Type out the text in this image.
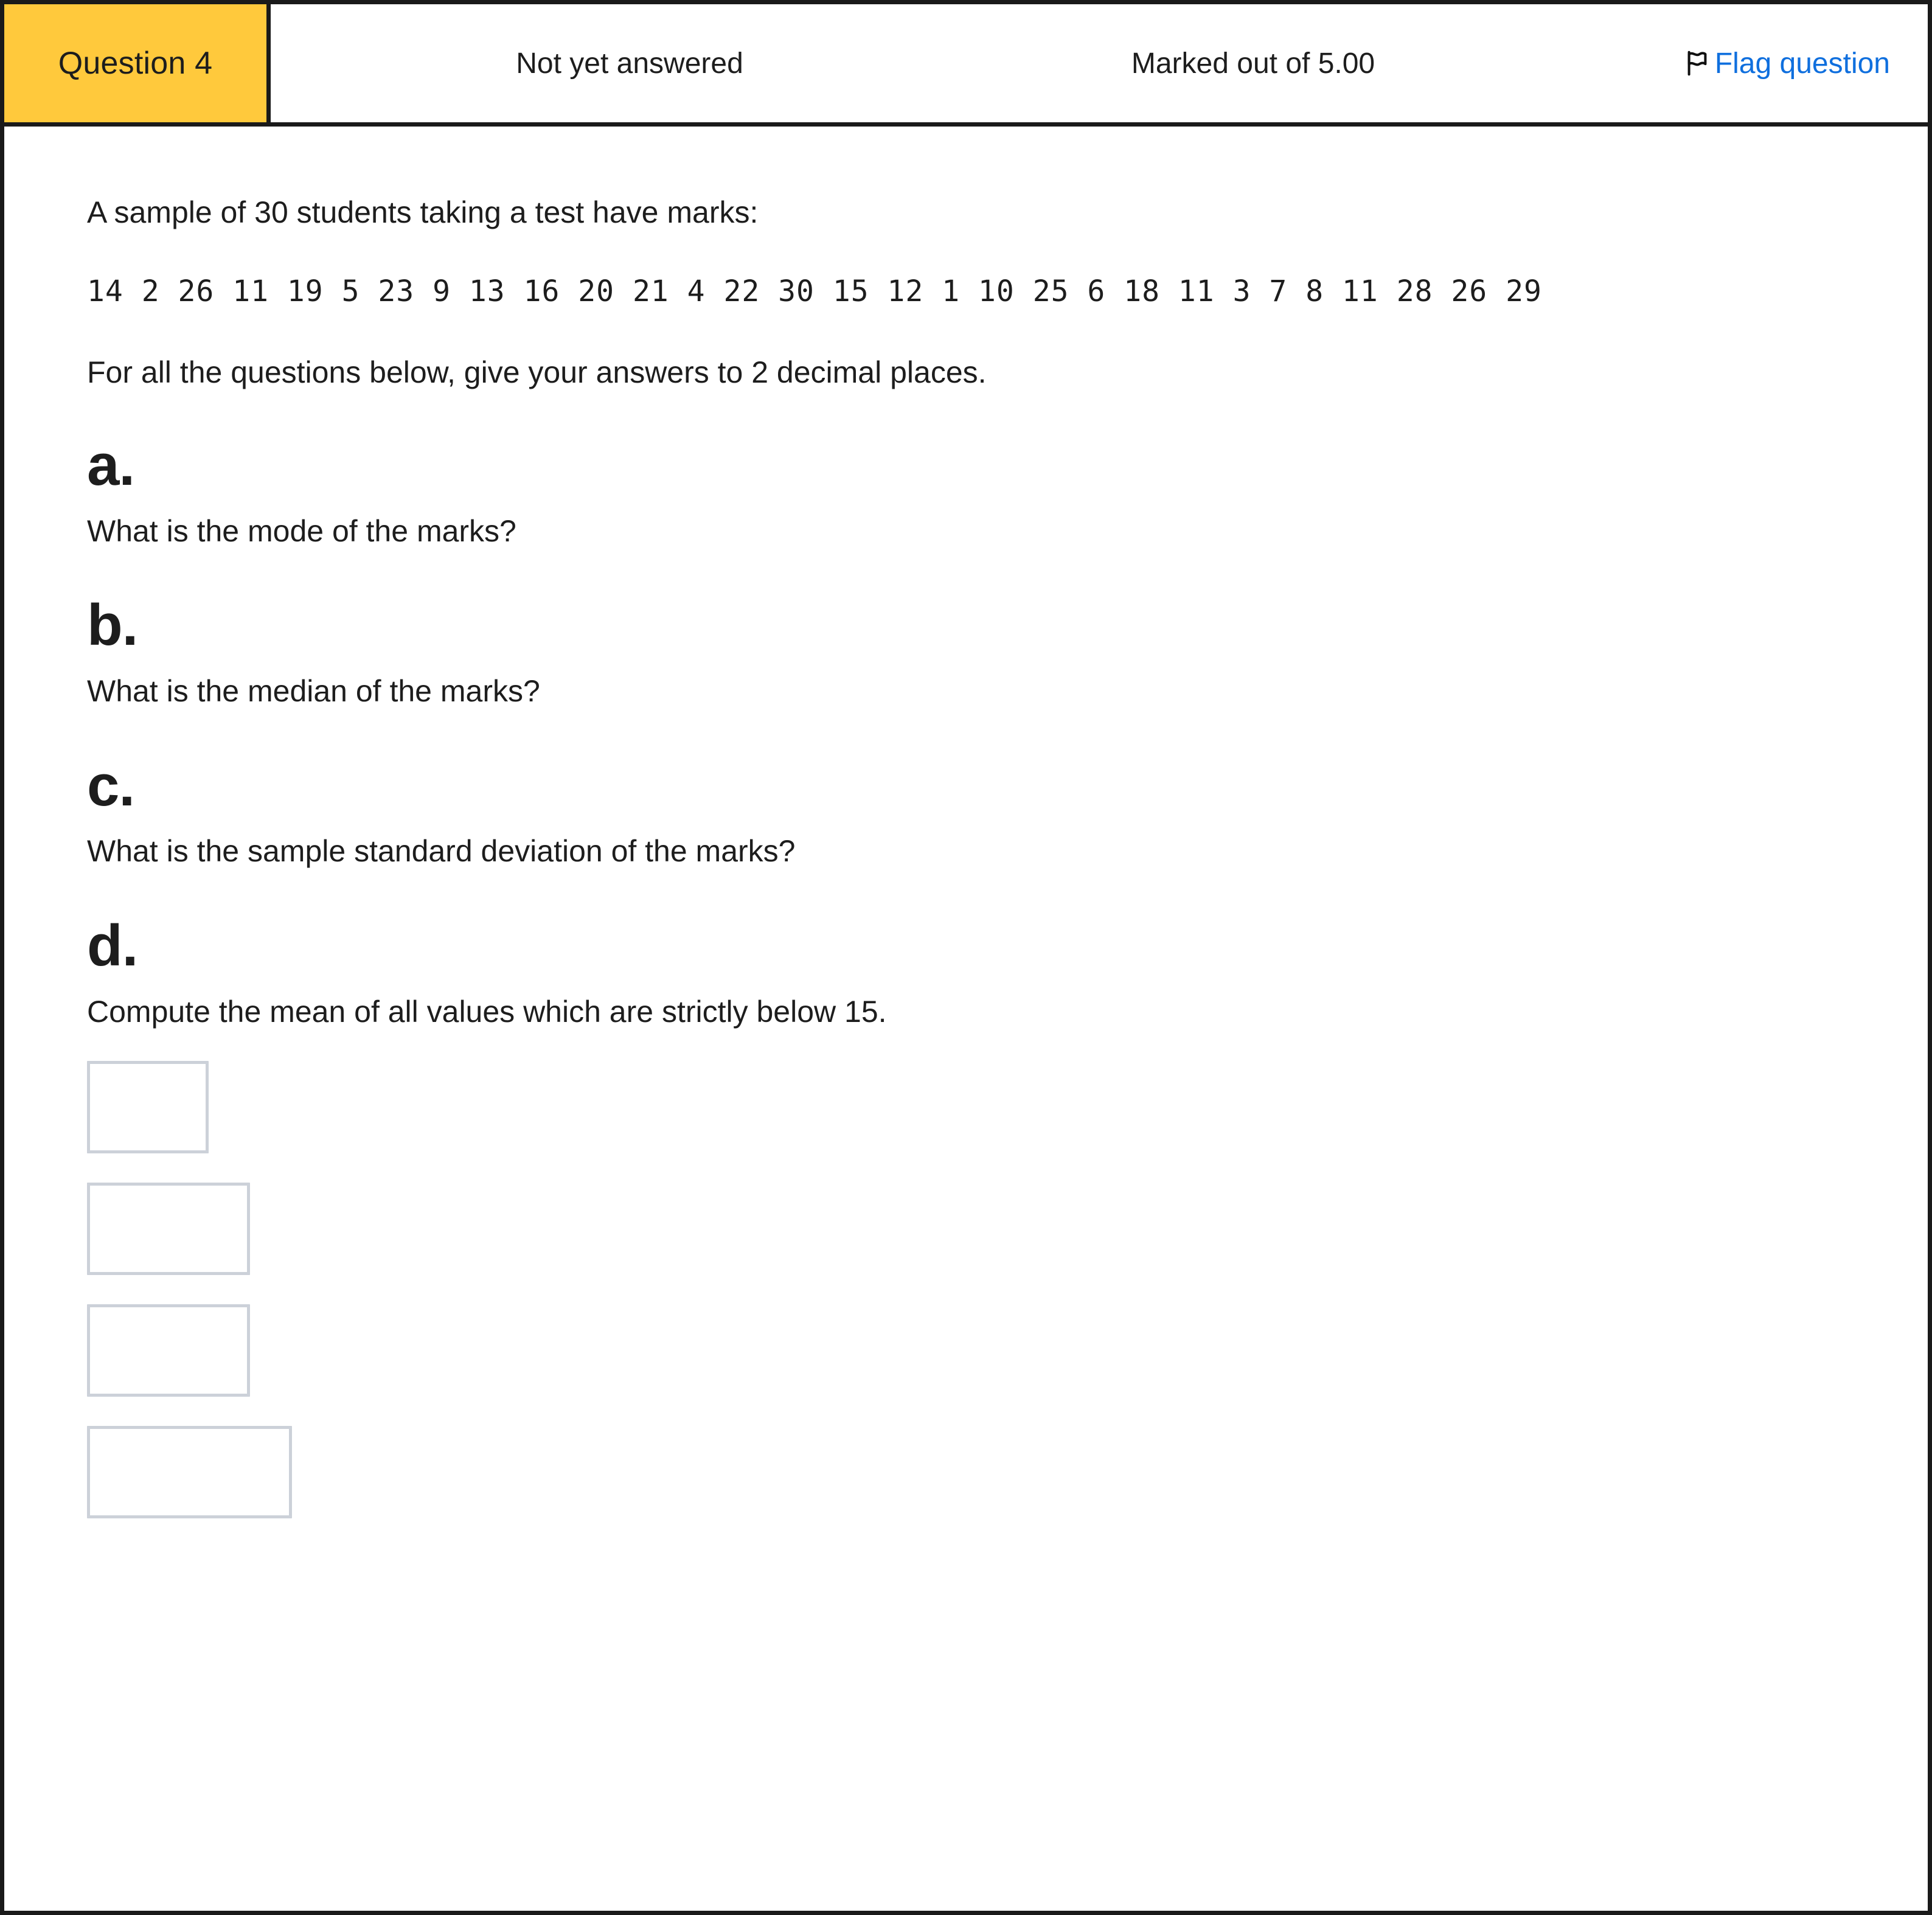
Question 4	Not yet answered	Marked out of 5.00	Flag question

A sample of 30 students taking a test have marks:

14 2 26 11 19 5 23 9 13 16 20 21 4 22 30 15 12 1 10 25 6 18 11 3 7 8 11 28 26 29

For all the questions below, give your answers to 2 decimal places.

a.

What is the mode of the marks?

b.

What is the median of the marks?

c.

What is the sample standard deviation of the marks?

d.

Compute the mean of all values which are strictly below 15.
